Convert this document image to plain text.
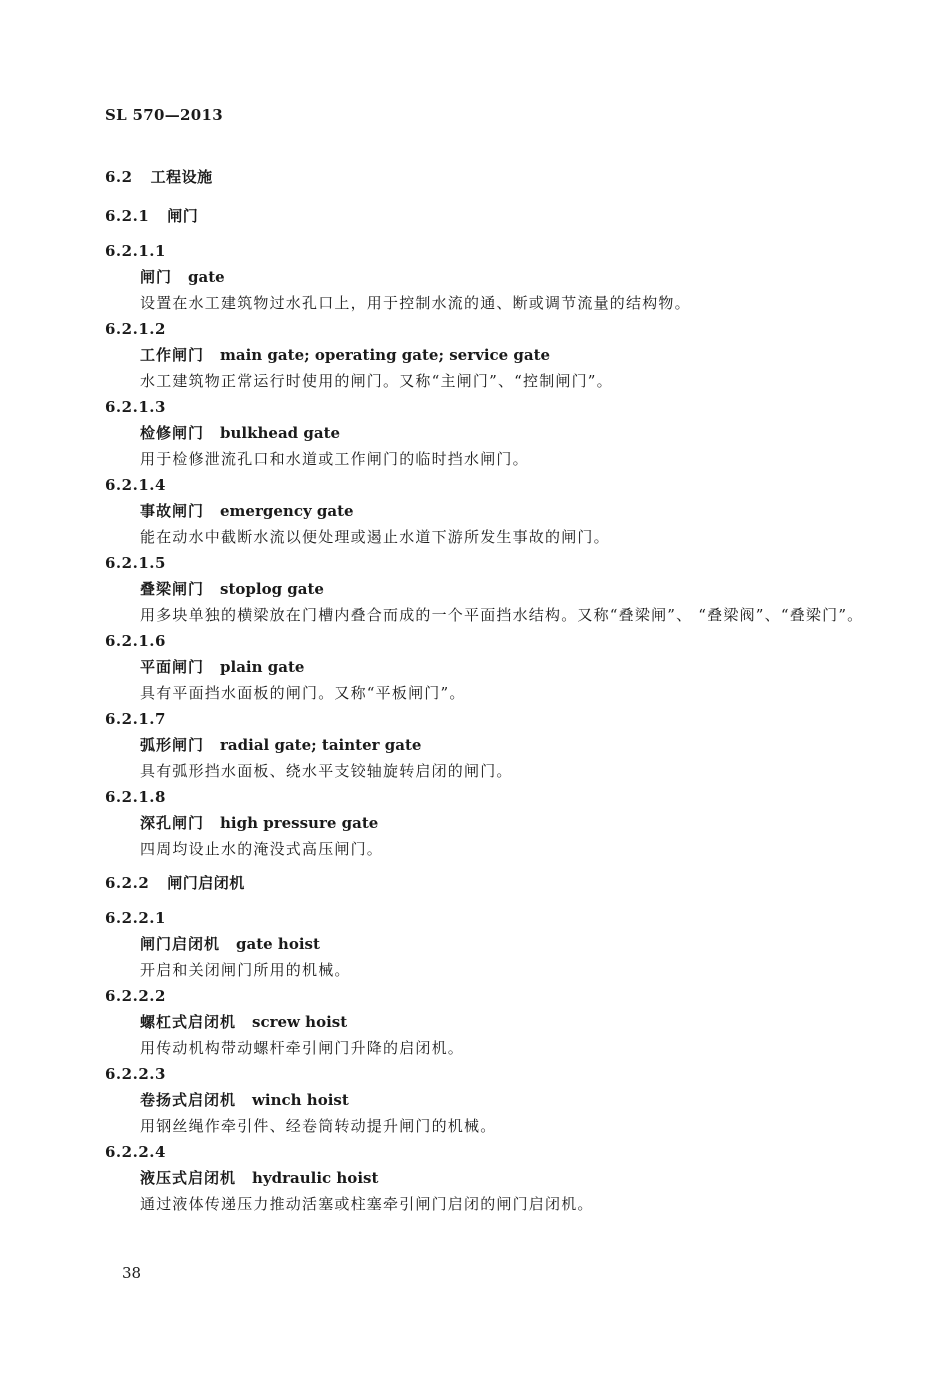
SL 570—2013
6.2 工程设施
6.2.1 闸门
6.2.1.1
闸门 gate
设置在水工建筑物过水孔口上，用于控制水流的通、断或调节流量的结构物。
6.2.1.2
工作闸门 main gate; operating gate; service gate
水工建筑物正常运行时使用的闸门。又称“主闸门”、“控制闸门”。
6.2.1.3
检修闸门 bulkhead gate
用于检修泄流孔口和水道或工作闸门的临时挡水闸门。
6.2.1.4
事故闸门 emergency gate
能在动水中截断水流以便处理或遏止水道下游所发生事故的闸门。
6.2.1.5
叠梁闸门 stoplog gate
用多块单独的横梁放在门槽内叠合而成的一个平面挡水结构。又称“叠梁闸”、 “叠梁阀”、“叠梁门”。
6.2.1.6
平面闸门 plain gate
具有平面挡水面板的闸门。又称“平板闸门”。
6.2.1.7
弧形闸门 radial gate; tainter gate
具有弧形挡水面板、绕水平支铰轴旋转启闭的闸门。
6.2.1.8
深孔闸门 high pressure gate
四周均设止水的淹没式高压闸门。
6.2.2 闸门启闭机
6.2.2.1
闸门启闭机 gate hoist
开启和关闭闸门所用的机械。
6.2.2.2
螺杠式启闭机 screw hoist
用传动机构带动螺杆牵引闸门升降的启闭机。
6.2.2.3
卷扬式启闭机 winch hoist
用钢丝绳作牵引件、经卷筒转动提升闸门的机械。
6.2.2.4
液压式启闭机 hydraulic hoist
通过液体传递压力推动活塞或柱塞牵引闸门启闭的闸门启闭机。
38
